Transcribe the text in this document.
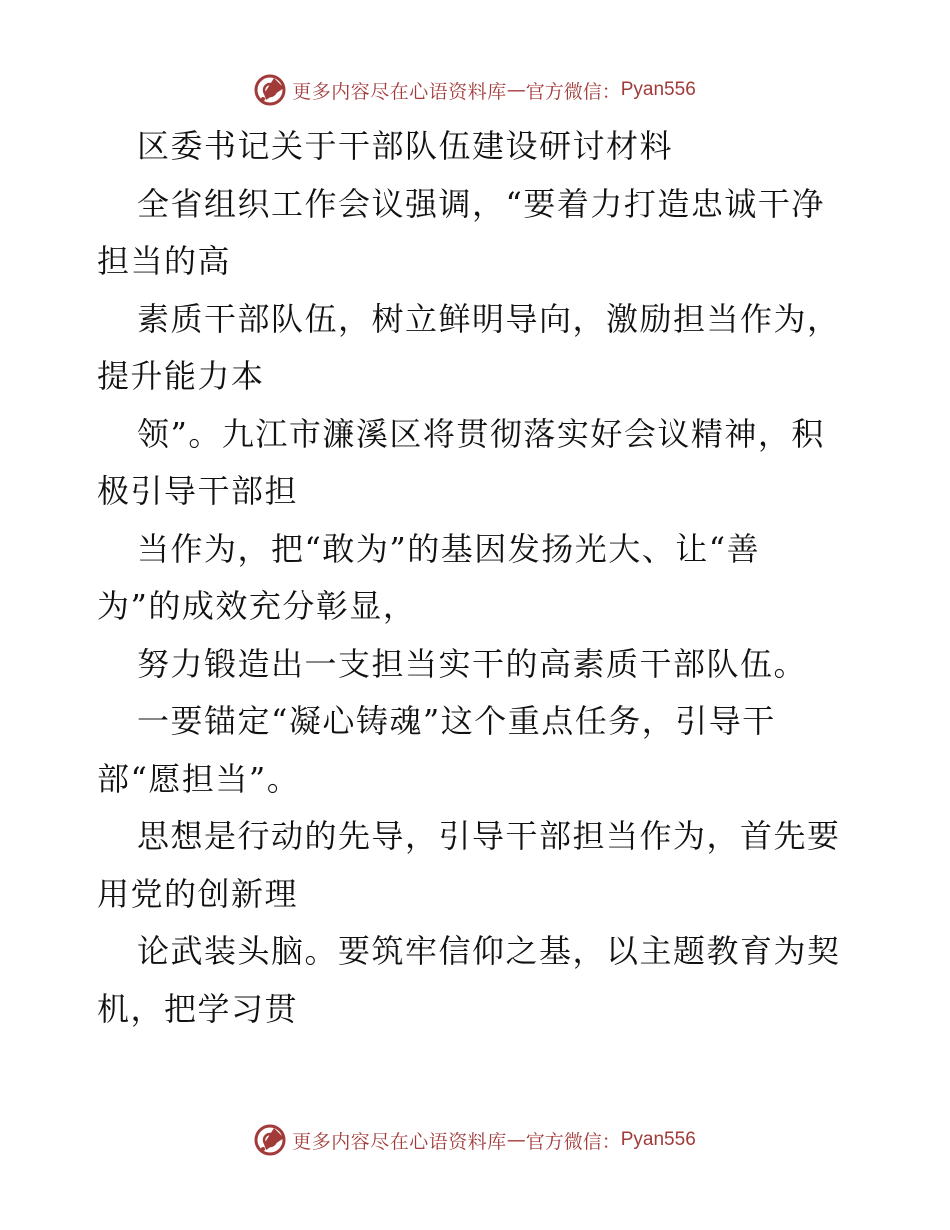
更多内容尽在心语资料库 — 官方微信： Pyan556
区委书记关于干部队伍建设研讨材料
全省组织工作会议强调，“要着力打造忠诚干净
担当的高
素质干部队伍，树立鲜明导向，激励担当作为，
提升能力本
领”。九江市濂溪区将贯彻落实好会议精神，积
极引导干部担
当作为，把“敢为”的基因发扬光大、让“善
为”的成效充分彰显，
努力锻造出一支担当实干的高素质干部队伍。
一要锚定“凝心铸魂”这个重点任务，引导干
部“愿担当”。
思想是行动的先导，引导干部担当作为，首先要
用党的创新理
论武装头脑。要筑牢信仰之基，以主题教育为契
机，把学习贯
更多内容尽在心语资料库 — 官方微信： Pyan556
